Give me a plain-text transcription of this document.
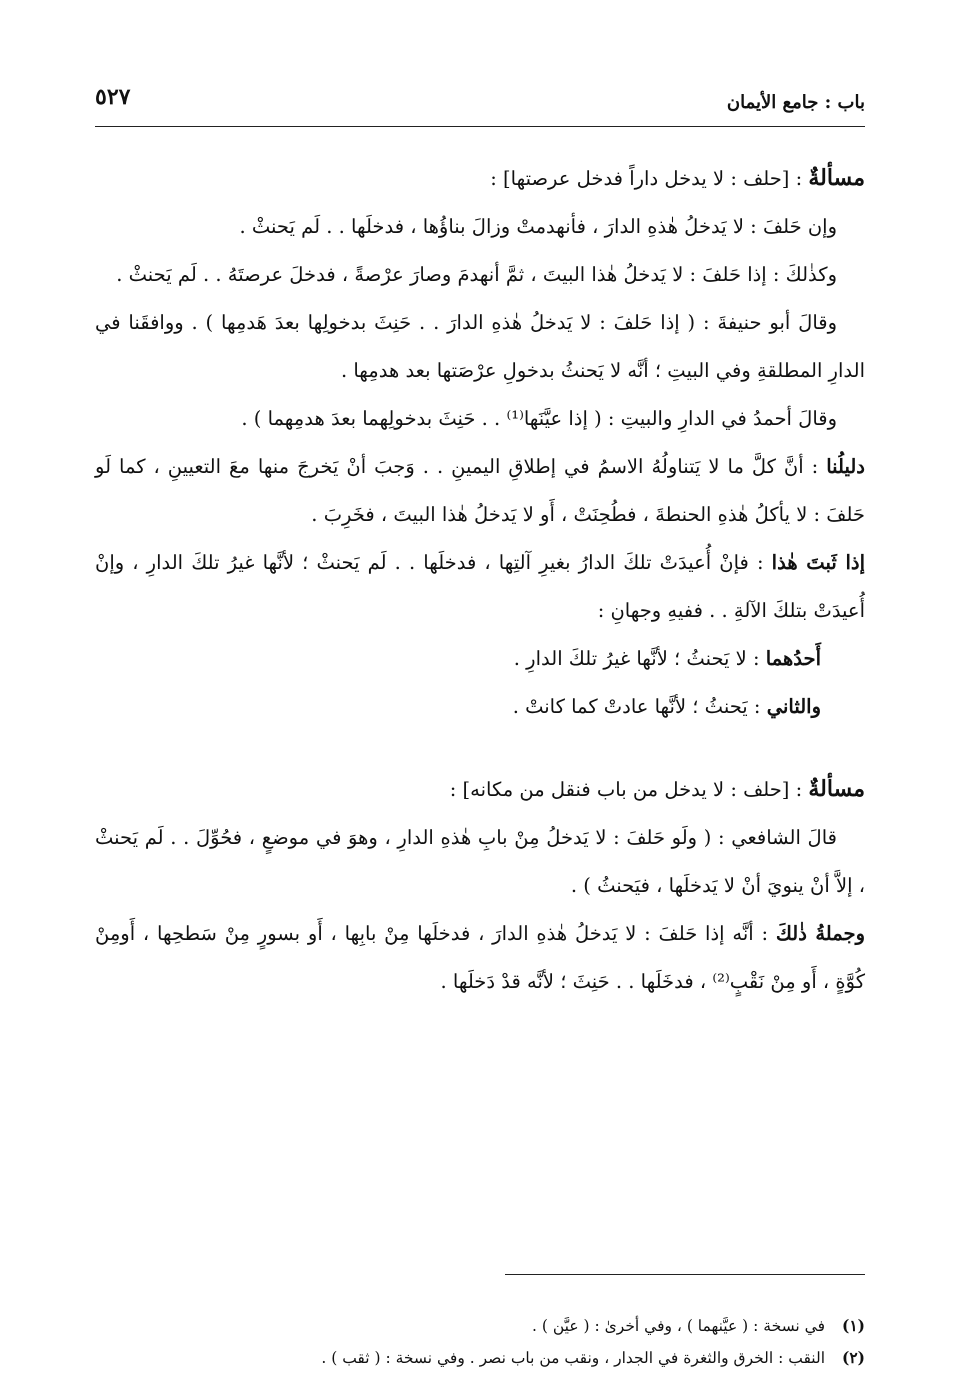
باب : جامع الأيمان
٥٢٧

مسألةٌ : [حلف : لا يدخل داراً فدخل عرصتها] :

وإن حَلفَ : لا يَدخلُ هٰذهِ الدارَ ، فأنهدمتْ وزالَ بناؤُها ، فدخلَها . . لَم يَحنثْ .

وكذٰلكَ : إذا حَلفَ : لا يَدخلُ هٰذا البيتَ ، ثمَّ أنهدمَ وصارَ عرْصةً ، فدخلَ عرصتَهُ . . لَم يَحنثْ .

وقالَ أبو حنيفةَ : ( إذا حَلفَ : لا يَدخلُ هٰذهِ الدارَ . . حَنِثَ بدخولِها بعدَ هَدمِها ) . ووافقَنا في الدارِ المطلقةِ وفي البيتِ ؛ أنَّه لا يَحنثُ بدخولِ عرْصَتها بعد هدمِها .

وقالَ أحمدُ في الدارِ والبيتِ : ( إذا عيَّنَها⁽¹⁾ . . حَنِثَ بدخولِهما بعدَ هدمِهما ) .

دليلُنا : أنَّ كلَّ ما لا يَتناولُهُ الاسمُ في إطلاقِ اليمينِ . . وَجبَ أنْ يَخرجَ منها معَ التعيينِ ، كما لَو حَلفَ : لا يأكلُ هٰذهِ الحنطةَ ، فطُحِنَتْ ، أَو لا يَدخلُ هٰذا البيتَ ، فخَرِبَ .

إذا ثَبتَ هٰذا : فإنْ أُعيدَتْ تلكَ الدارُ بغيرِ آلتِها ، فدخلَها . . لَم يَحنثْ ؛ لأنَّها غيرُ تلكَ الدارِ ، وإنْ أُعيدَتْ بتلكَ الآلةِ . . ففيهِ وجهانِ :

أَحدُهما : لا يَحنثُ ؛ لأنَّها غيرُ تلكَ الدارِ .

والثاني : يَحنثُ ؛ لأنَّها عادتْ كما كانتْ .

مسألةٌ : [حلف : لا يدخل من باب فنقل من مكانه] :

قالَ الشافعي : ( ولَو حَلفَ : لا يَدخلُ مِنْ بابِ هٰذهِ الدارِ ، وهوَ في موضعٍ ، فحُوِّلَ . . لَم يَحنثْ ، إلاَّ أنْ ينويَ أنْ لا يَدخلَها ، فيَحنثُ ) .

وجملةُ ذٰلكَ : أنَّه إذا حَلفَ : لا يَدخلُ هٰذهِ الدارَ ، فدخلَها مِنْ بابِها ، أَو بسورٍ مِنْ سَطحِها ، أَومِنْ كُوَّةٍ ، أَو مِنْ نَقْبٍ⁽²⁾ ، فدخَلَها . . حَنِثَ ؛ لأنَّه قدْ دَخلَها .

(١)في نسخة : ( عيَّنهما ) ، وفي أخرىٰ : ( عيَّن ) .

(٢)النقب : الخرق والثغرة في الجدار ، ونقب من باب نصر . وفي نسخة : ( ثقب ) .
